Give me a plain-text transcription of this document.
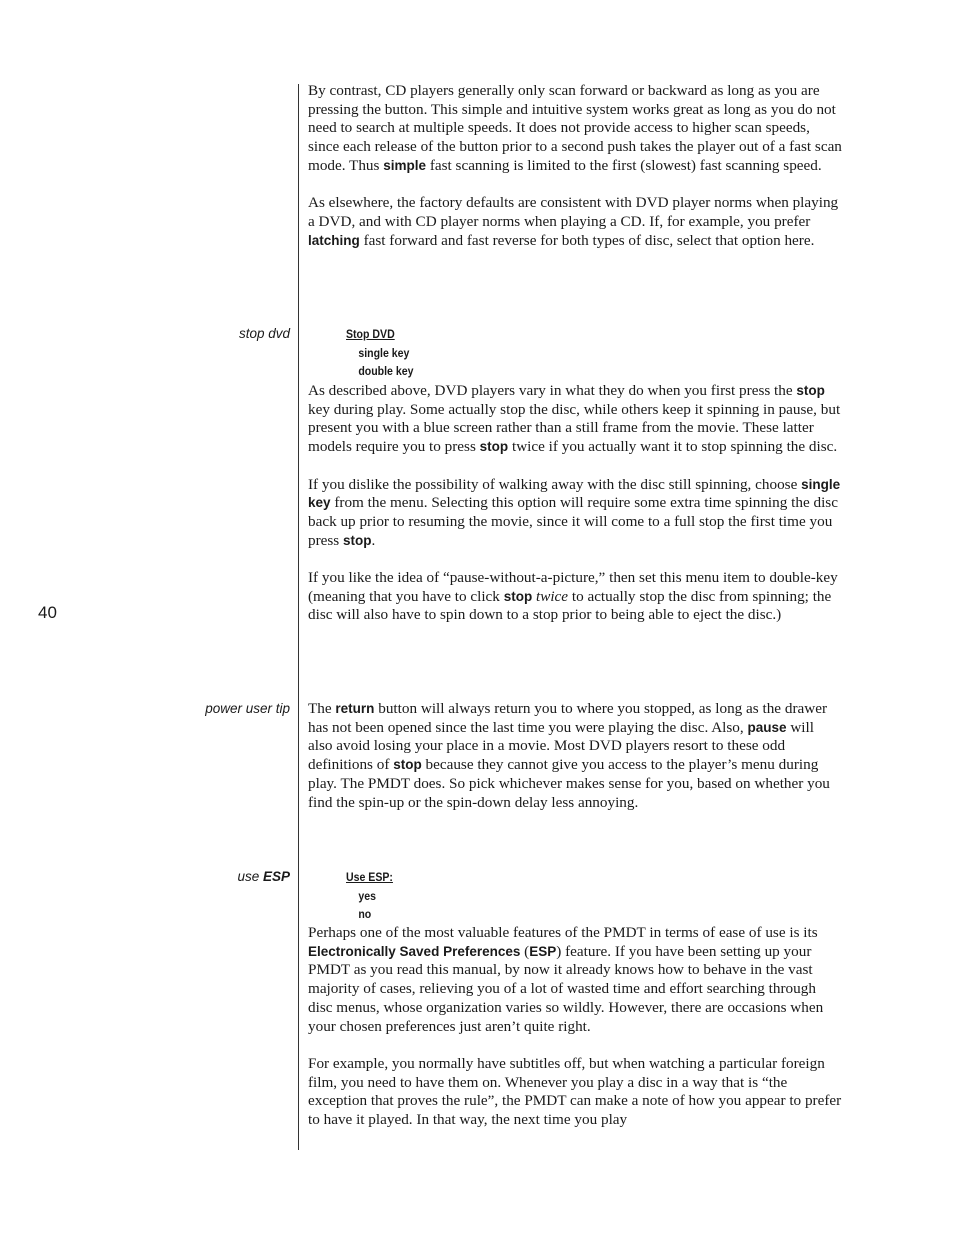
40

By contrast, CD players generally only scan forward or backward as long as you are pressing the button. This simple and intuitive system works great as long as you do not need to search at multiple speeds. It does not provide access to higher scan speeds, since each release of the button prior to a second push takes the player out of a fast scan mode. Thus simple fast scanning is limited to the first (slowest) fast scanning speed.

As elsewhere, the factory defaults are consistent with DVD player norms when playing a DVD, and with CD player norms when playing a CD. If, for example, you prefer latching fast forward and fast reverse for both types of disc, select that option here.

stop dvd	Stop DVD
single key
double key

As described above, DVD players vary in what they do when you first press the stop key during play. Some actually stop the disc, while others keep it spinning in pause, but present you with a blue screen rather than a still frame from the movie. These latter models require you to press stop twice if you actually want it to stop spinning the disc.

If you dislike the possibility of walking away with the disc still spinning, choose single key from the menu. Selecting this option will require some extra time spinning the disc back up prior to resuming the movie, since it will come to a full stop the first time you press stop.

If you like the idea of “pause-without-a-picture,” then set this menu item to double-key (meaning that you have to click stop twice to actually stop the disc from spinning; the disc will also have to spin down to a stop prior to being able to eject the disc.)

power user tip The return button will always return you to where you stopped, as long as the drawer has not been opened since the last time you were playing the disc. Also, pause will also avoid losing your place in a movie. Most DVD players resort to these odd definitions of stop because they cannot give you access to the player’s menu during play. The PMDT does. So pick whichever makes sense for you, based on whether you find the spin-up or the spin-down delay less annoying.

use ESP	Use ESP:
yes
no

Perhaps one of the most valuable features of the PMDT in terms of ease of use is its Electronically Saved Preferences (ESP) feature. If you have been setting up your PMDT as you read this manual, by now it already knows how to behave in the vast majority of cases, relieving you of a lot of wasted time and effort searching through disc menus, whose organization varies so wildly. However, there are occasions when your chosen preferences just aren’t quite right.

For example, you normally have subtitles off, but when watching a particular foreign film, you need to have them on. Whenever you play a disc in a way that is “the exception that proves the rule”, the PMDT can make a note of how you appear to prefer to have it played. In that way, the next time you play
